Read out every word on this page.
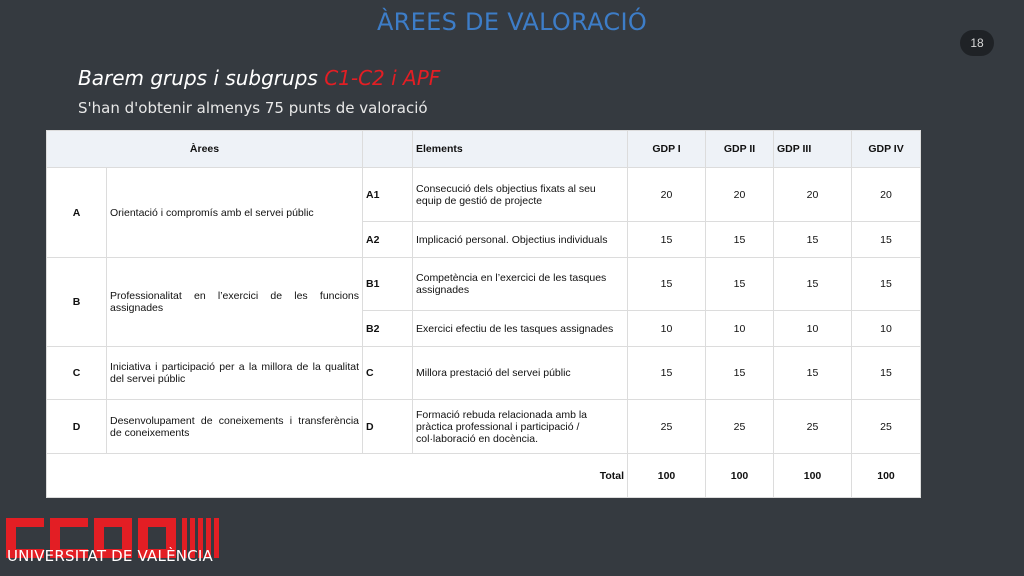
ÀREES DE VALORACIÓ
18
Barem grups i subgrups C1-C2 i APF
S'han d'obtenir almenys 75 punts de valoració
Àrees			Elements	GDP I	GDP II	GDP III	GDP IV
A	Orientació i compromís amb el servei públic	A1	Consecució dels objectius fixats al seu equip de gestió de projecte	20	20	20	20
		A2	Implicació personal. Objectius individuals	15	15	15	15
B	Professionalitat en l’exercici de les funcions assignades	B1	Competència en l’exercici de les tasques assignades	15	15	15	15
		B2	Exercici efectiu de les tasques assignades	10	10	10	10
C	Iniciativa i participació per a la millora de la qualitat del servei públic	C	Millora prestació del servei públic	15	15	15	15
D	Desenvolupament de coneixements i transferència de coneixements	D	Formació rebuda relacionada amb la pràctica professional i participació / col·laboració en docència.	25	25	25	25
Total				100	100	100	100
UNIVERSITAT DE VALÈNCIA
